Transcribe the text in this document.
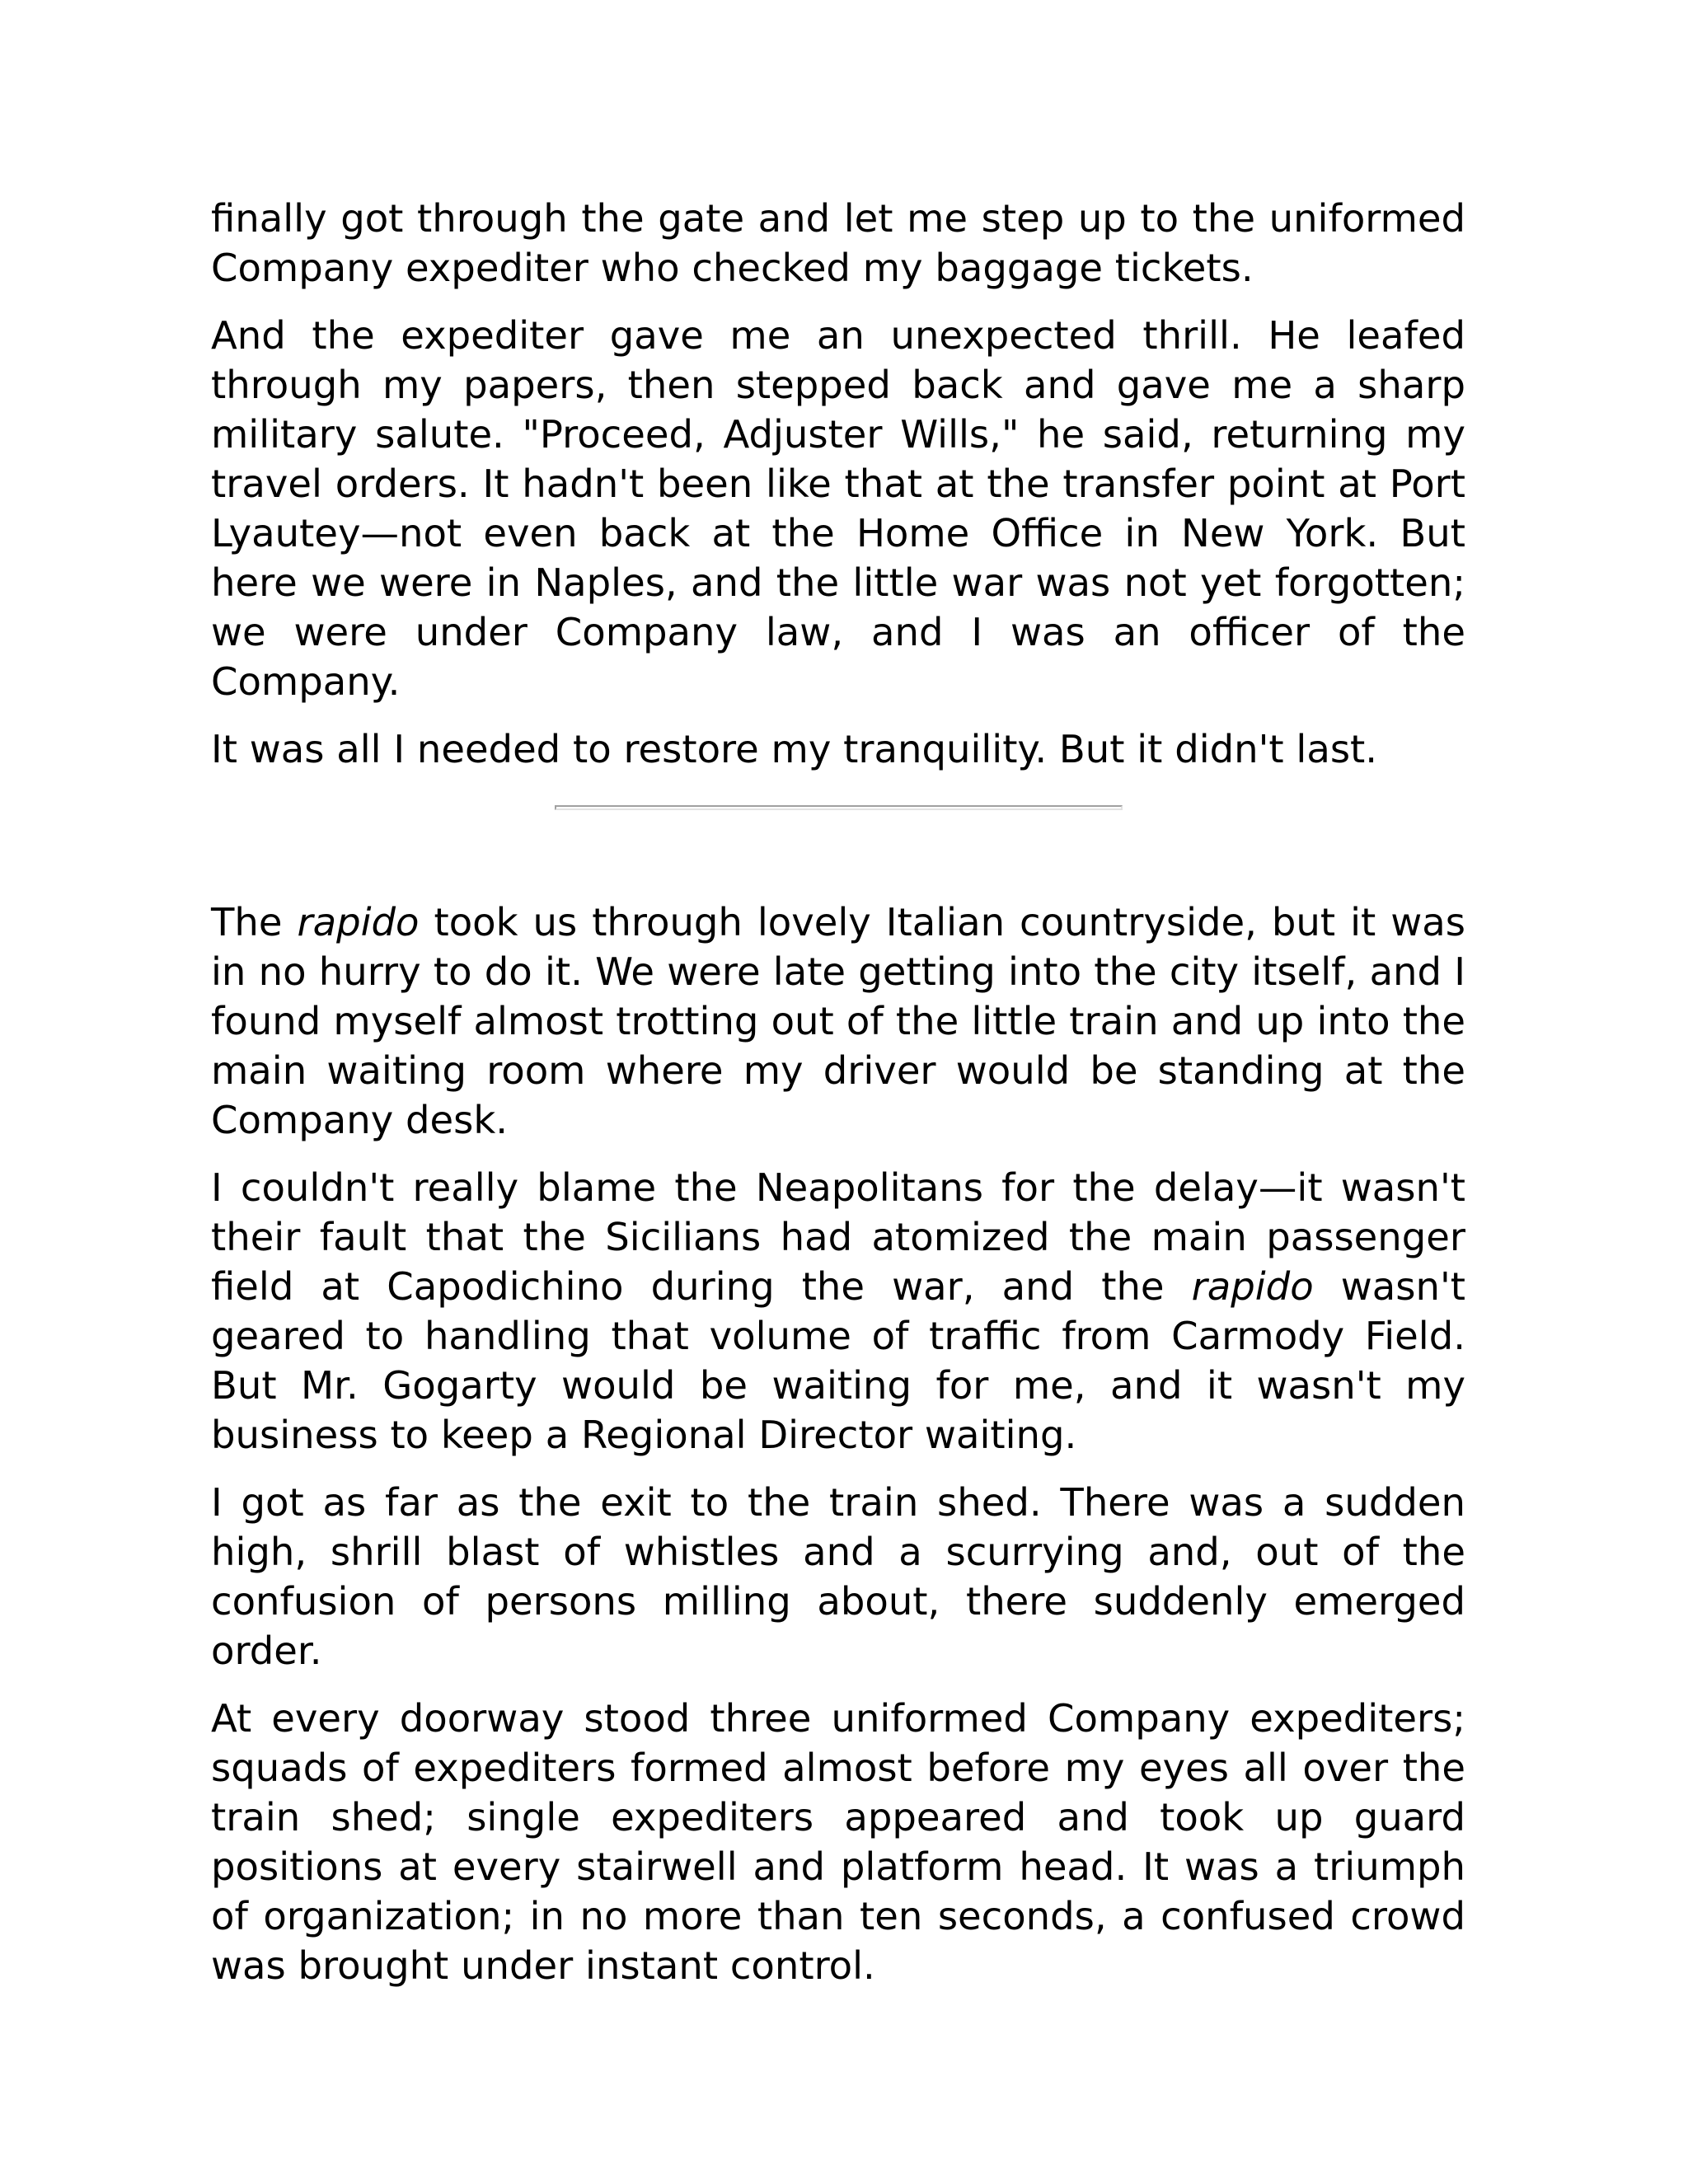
finally got through the gate and let me step up to the uniformed Company expediter who checked my baggage tickets.

And the expediter gave me an unexpected thrill. He leafed through my papers, then stepped back and gave me a sharp military salute. "Proceed, Adjuster Wills," he said, returning my travel orders. It hadn't been like that at the transfer point at Port Lyautey—not even back at the Home Office in New York. But here we were in Naples, and the little war was not yet forgotten; we were under Company law, and I was an officer of the Company.

It was all I needed to restore my tranquility. But it didn't last.

The rapido took us through lovely Italian countryside, but it was in no hurry to do it. We were late getting into the city itself, and I found myself almost trotting out of the little train and up into the main waiting room where my driver would be standing at the Company desk.

I couldn't really blame the Neapolitans for the delay—it wasn't their fault that the Sicilians had atomized the main passenger field at Capodichino during the war, and the rapido wasn't geared to handling that volume of traffic from Carmody Field. But Mr. Gogarty would be waiting for me, and it wasn't my business to keep a Regional Director waiting.

I got as far as the exit to the train shed. There was a sudden high, shrill blast of whistles and a scurrying and, out of the confusion of persons milling about, there suddenly emerged order.

At every doorway stood three uniformed Company expediters; squads of expediters formed almost before my eyes all over the train shed; single expediters appeared and took up guard positions at every stairwell and platform head. It was a triumph of organization; in no more than ten seconds, a confused crowd was brought under instant control.
